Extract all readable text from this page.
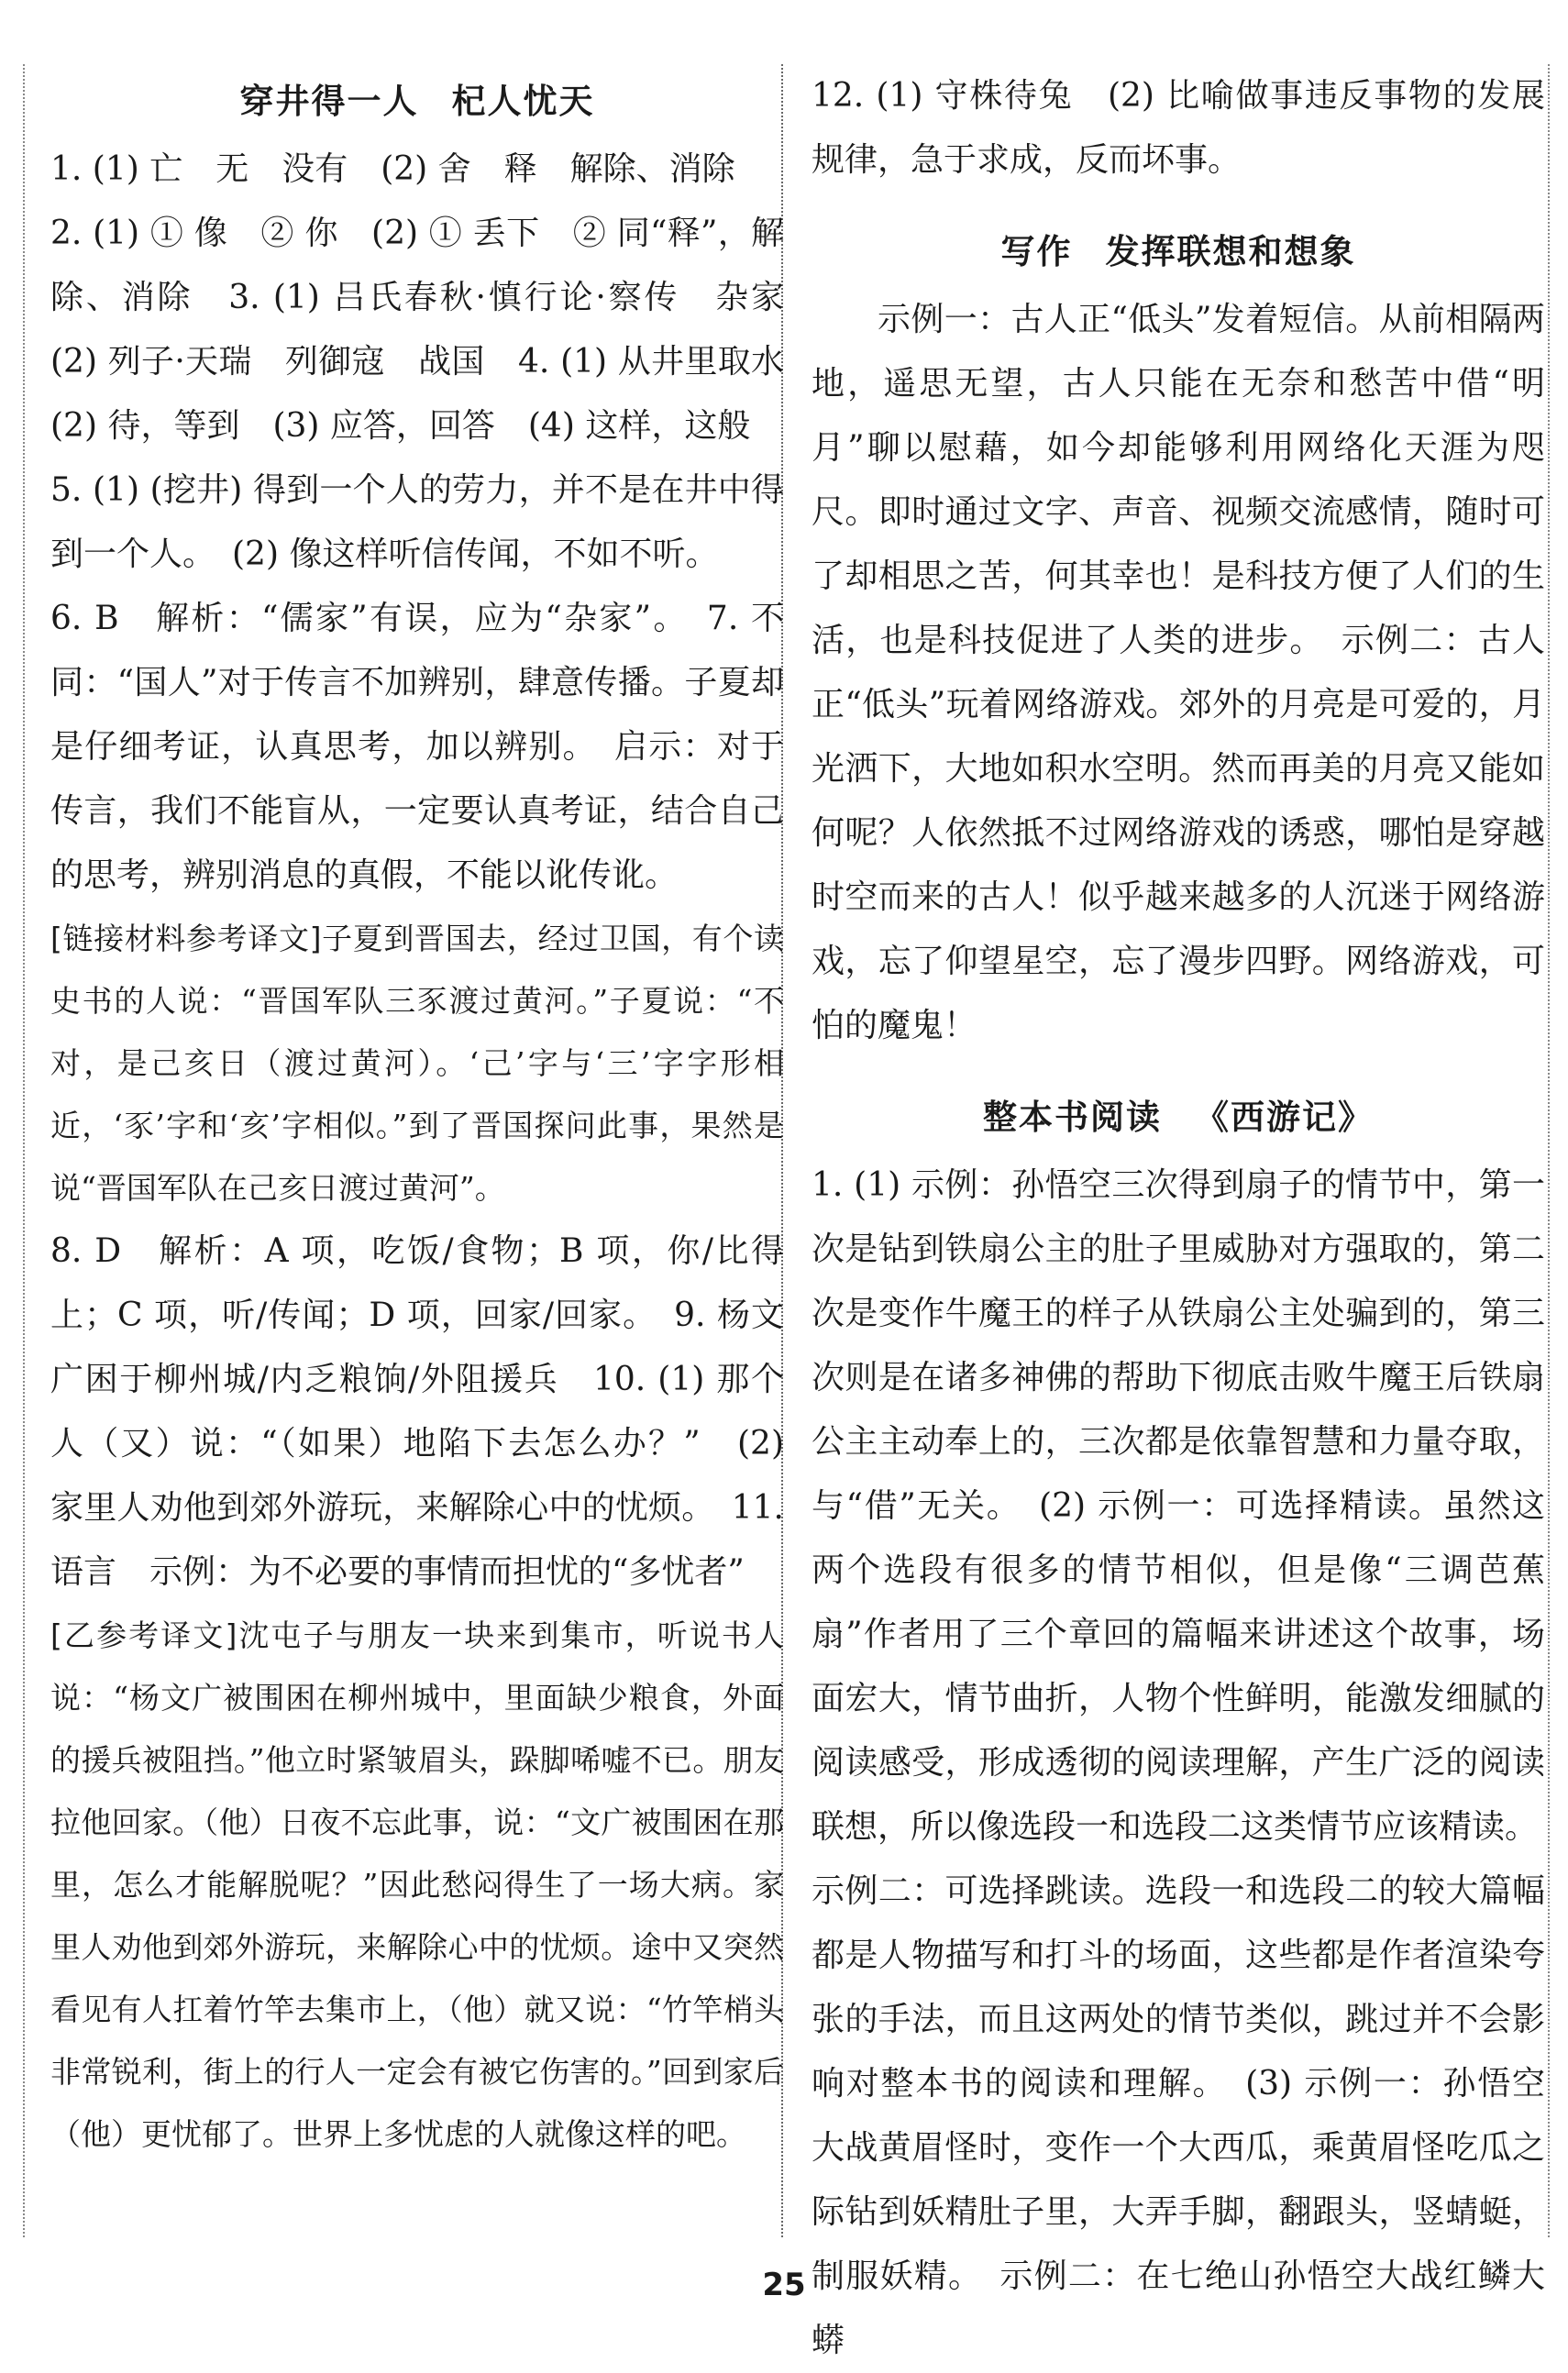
穿井得一人 杞人忧天

1. (1) 亡　无　没有　(2) 舍　释　解除、消除

2. (1) ① 像　② 你　(2) ① 丢下　② 同“释”，解除、消除　3. (1) 吕氏春秋·慎行论·察传　杂家　(2) 列子·天瑞　列御寇　战国　4. (1) 从井里取水　(2) 待，等到　(3) 应答，回答　(4) 这样，这般

5. (1) (挖井) 得到一个人的劳力，并不是在井中得到一个人。　(2) 像这样听信传闻，不如不听。

6. B　解析：“儒家”有误，应为“杂家”。　7. 不同：“国人”对于传言不加辨别，肆意传播。子夏却是仔细考证，认真思考，加以辨别。　启示：对于传言，我们不能盲从，一定要认真考证，结合自己的思考，辨别消息的真假，不能以讹传讹。

[链接材料参考译文]子夏到晋国去，经过卫国，有个读史书的人说：“晋国军队三豕渡过黄河。”子夏说：“不对，是己亥日（渡过黄河）。‘己’字与‘三’字字形相近，‘豕’字和‘亥’字相似。”到了晋国探问此事，果然是说“晋国军队在己亥日渡过黄河”。

8. D　解析：A 项，吃饭/食物；B 项，你/比得上；C 项，听/传闻；D 项，回家/回家。　9. 杨文广困于柳州城/内乏粮饷/外阻援兵　10. (1) 那个人（又）说：“（如果）地陷下去怎么办？”　(2) 家里人劝他到郊外游玩，来解除心中的忧烦。　11. 语言　示例：为不必要的事情而担忧的“多忧者”

[乙参考译文]沈屯子与朋友一块来到集市，听说书人说：“杨文广被围困在柳州城中，里面缺少粮食，外面的援兵被阻挡。”他立时紧皱眉头，跺脚唏嘘不已。朋友拉他回家。（他）日夜不忘此事，说：“文广被围困在那里，怎么才能解脱呢？”因此愁闷得生了一场大病。家里人劝他到郊外游玩，来解除心中的忧烦。途中又突然看见有人扛着竹竿去集市上，（他）就又说：“竹竿梢头非常锐利，街上的行人一定会有被它伤害的。”回到家后（他）更忧郁了。世界上多忧虑的人就像这样的吧。

12. (1) 守株待兔　(2) 比喻做事违反事物的发展规律，急于求成，反而坏事。

写作 发挥联想和想象

示例一：古人正“低头”发着短信。从前相隔两地，遥思无望，古人只能在无奈和愁苦中借“明月”聊以慰藉，如今却能够利用网络化天涯为咫尺。即时通过文字、声音、视频交流感情，随时可了却相思之苦，何其幸也！是科技方便了人们的生活，也是科技促进了人类的进步。　示例二：古人正“低头”玩着网络游戏。郊外的月亮是可爱的，月光洒下，大地如积水空明。然而再美的月亮又能如何呢？人依然抵不过网络游戏的诱惑，哪怕是穿越时空而来的古人！似乎越来越多的人沉迷于网络游戏，忘了仰望星空，忘了漫步四野。网络游戏，可怕的魔鬼！

整本书阅读 《西游记》

1. (1) 示例：孙悟空三次得到扇子的情节中，第一次是钻到铁扇公主的肚子里威胁对方强取的，第二次是变作牛魔王的样子从铁扇公主处骗到的，第三次则是在诸多神佛的帮助下彻底击败牛魔王后铁扇公主主动奉上的，三次都是依靠智慧和力量夺取，与“借”无关。　(2) 示例一：可选择精读。虽然这两个选段有很多的情节相似，但是像“三调芭蕉扇”作者用了三个章回的篇幅来讲述这个故事，场面宏大，情节曲折，人物个性鲜明，能激发细腻的阅读感受，形成透彻的阅读理解，产生广泛的阅读联想，所以像选段一和选段二这类情节应该精读。

示例二：可选择跳读。选段一和选段二的较大篇幅都是人物描写和打斗的场面，这些都是作者渲染夸张的手法，而且这两处的情节类似，跳过并不会影响对整本书的阅读和理解。　(3) 示例一：孙悟空大战黄眉怪时，变作一个大西瓜，乘黄眉怪吃瓜之际钻到妖精肚子里，大弄手脚，翻跟头，竖蜻蜓，制服妖精。　示例二：在七绝山孙悟空大战红鳞大蟒

25
